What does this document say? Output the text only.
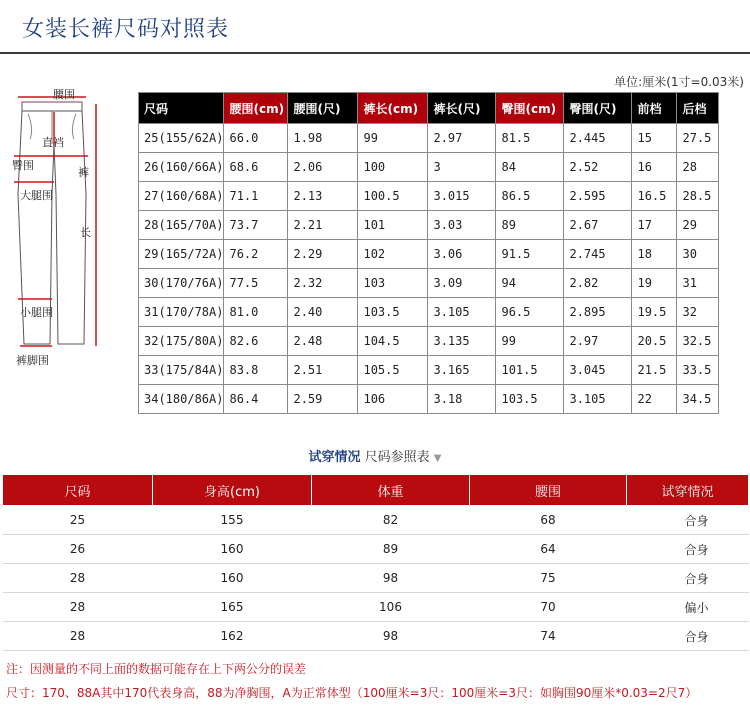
女装长裤尺码对照表
单位:厘米(1寸=0.03米)
腰围
直裆
臀围
裤
大腿围
长
小腿围
裤脚围
尺码	腰围(cm)	腰围(尺)	裤长(cm)	裤长(尺)	臀围(cm)	臀围(尺)	前档	后档
25(155/62A)	66.0	1.98	99	2.97	81.5	2.445	15	27.5
26(160/66A)	68.6	2.06	100	3	84	2.52	16	28
27(160/68A)	71.1	2.13	100.5	3.015	86.5	2.595	16.5	28.5
28(165/70A)	73.7	2.21	101	3.03	89	2.67	17	29
29(165/72A)	76.2	2.29	102	3.06	91.5	2.745	18	30
30(170/76A)	77.5	2.32	103	3.09	94	2.82	19	31
31(170/78A)	81.0	2.40	103.5	3.105	96.5	2.895	19.5	32
32(175/80A)	82.6	2.48	104.5	3.135	99	2.97	20.5	32.5
33(175/84A)	83.8	2.51	105.5	3.165	101.5	3.045	21.5	33.5
34(180/86A)	86.4	2.59	106	3.18	103.5	3.105	22	34.5
试穿情况 尺码参照表 ▼
尺码	身高(cm)	体重	腰围	试穿情况
25	155	82	68	合身
26	160	89	64	合身
28	160	98	75	合身
28	165	106	70	偏小
28	162	98	74	合身
注：因测量的不同上面的数据可能存在上下两公分的误差
尺寸：170、88A其中170代表身高，88为净胸围，A为正常体型（100厘米=3尺：100厘米=3尺：如胸围90厘米*0.03=2尺7）
